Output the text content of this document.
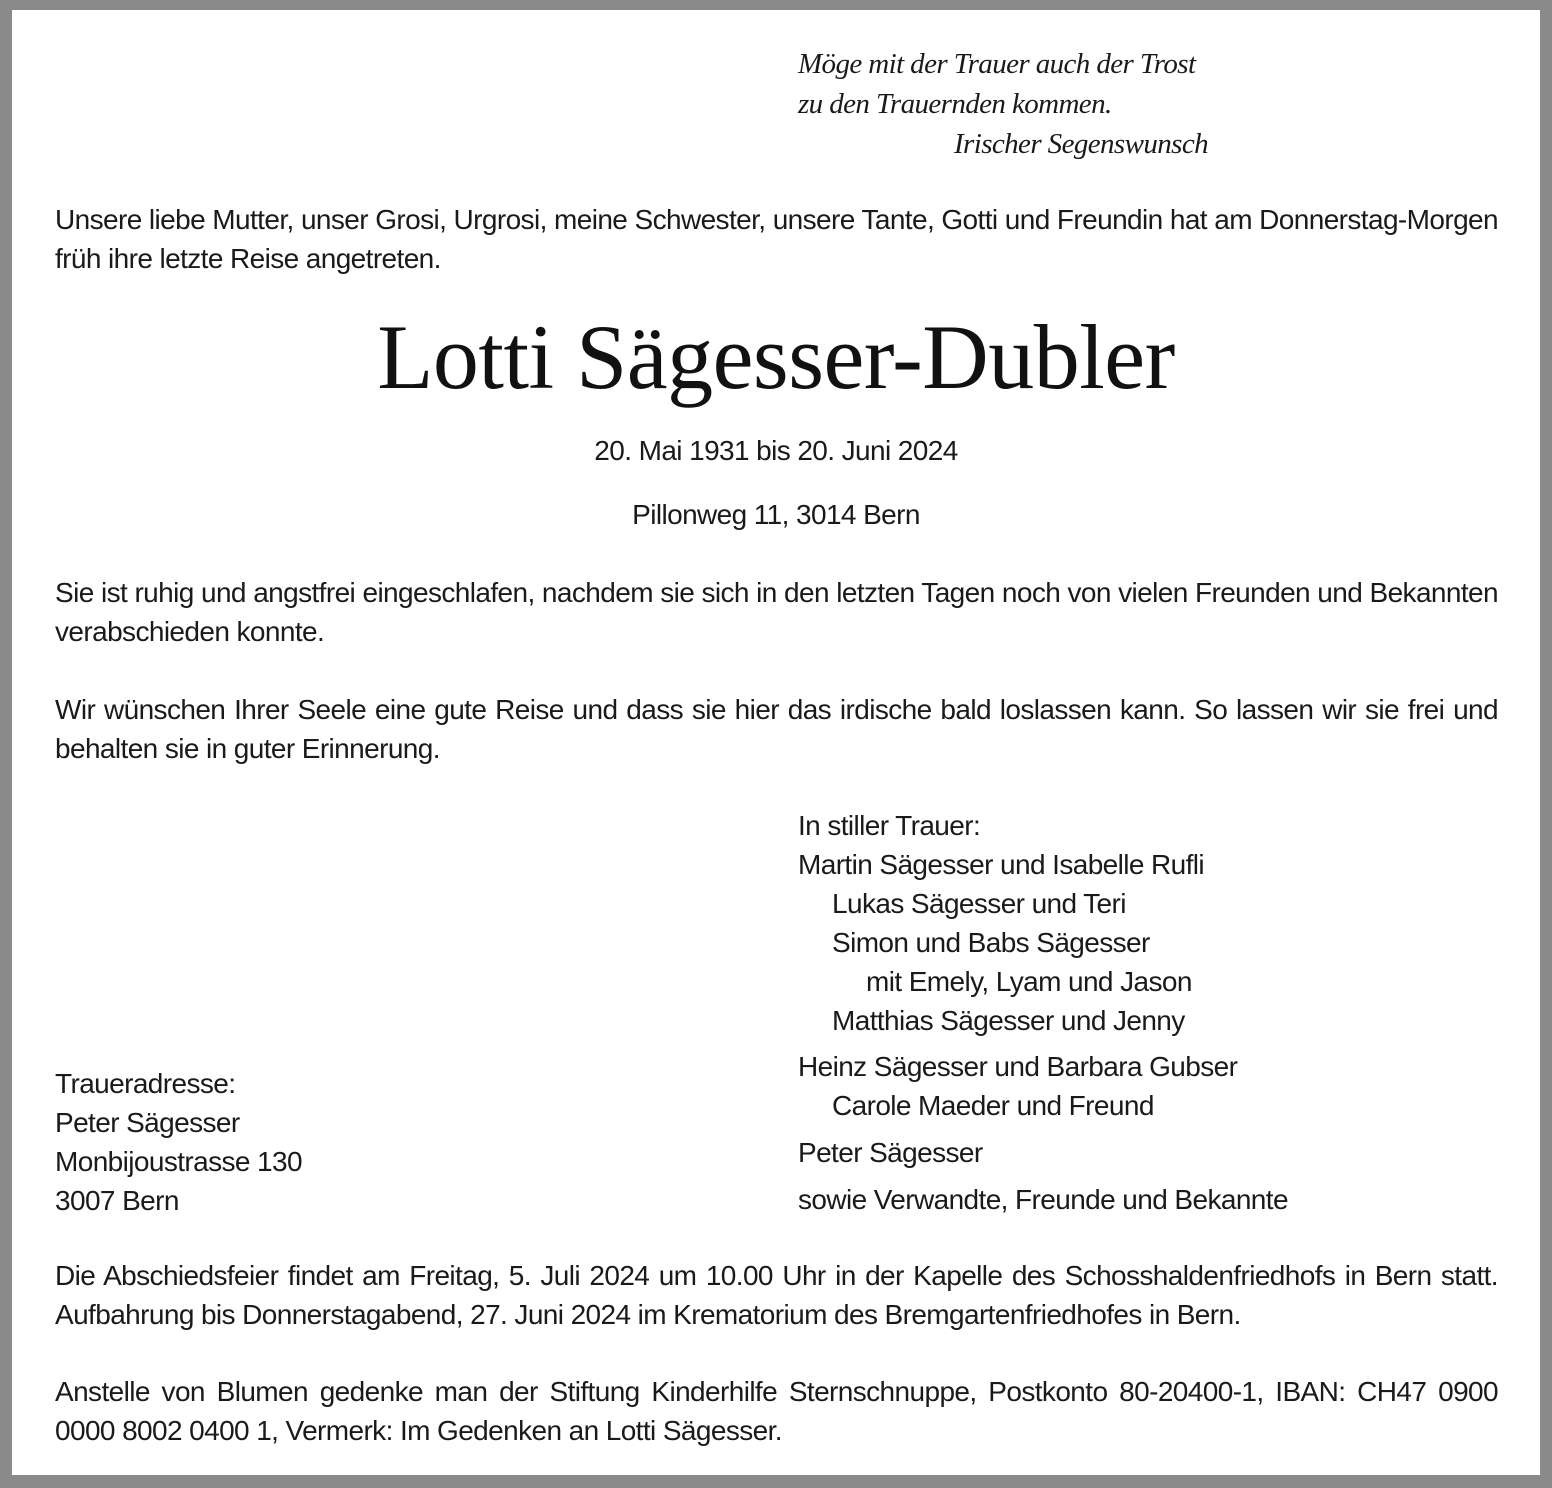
Möge mit der Trauer auch der Trost
zu den Trauernden kommen.
Irischer Segenswunsch

Unsere liebe Mutter, unser Grosi, Urgrosi, meine Schwester, unsere Tante, Gotti und Freundin hat am Donnerstag-Morgen früh ihre letzte Reise angetreten.

Lotti Sägesser-Dubler
20. Mai 1931 bis 20. Juni 2024
Pillonweg 11, 3014 Bern

Sie ist ruhig und angstfrei eingeschlafen, nachdem sie sich in den letzten Tagen noch von vielen Freunden und Bekannten verabschieden konnte.

Wir wünschen Ihrer Seele eine gute Reise und dass sie hier das irdische bald loslassen kann. So lassen wir sie frei und behalten sie in guter Erinnerung.

In stiller Trauer:
Martin Sägesser und Isabelle Rufli
Lukas Sägesser und Teri
Simon und Babs Sägesser
mit Emely, Lyam und Jason
Matthias Sägesser und Jenny
Heinz Sägesser und Barbara Gubser
Carole Maeder und Freund
Peter Sägesser
sowie Verwandte, Freunde und Bekannte
Traueradresse:
Peter Sägesser
Monbijoustrasse 130
3007 Bern

Die Abschiedsfeier findet am Freitag, 5. Juli 2024 um 10.00 Uhr in der Kapelle des Schosshaldenfriedhofs in Bern statt. Aufbahrung bis Donnerstagabend, 27. Juni 2024 im Krematorium des Bremgartenfriedhofes in Bern.

Anstelle von Blumen gedenke man der Stiftung Kinderhilfe Sternschnuppe, Postkonto 80-20400-1, IBAN: CH47 0900 0000 8002 0400 1, Vermerk: Im Gedenken an Lotti Sägesser.
